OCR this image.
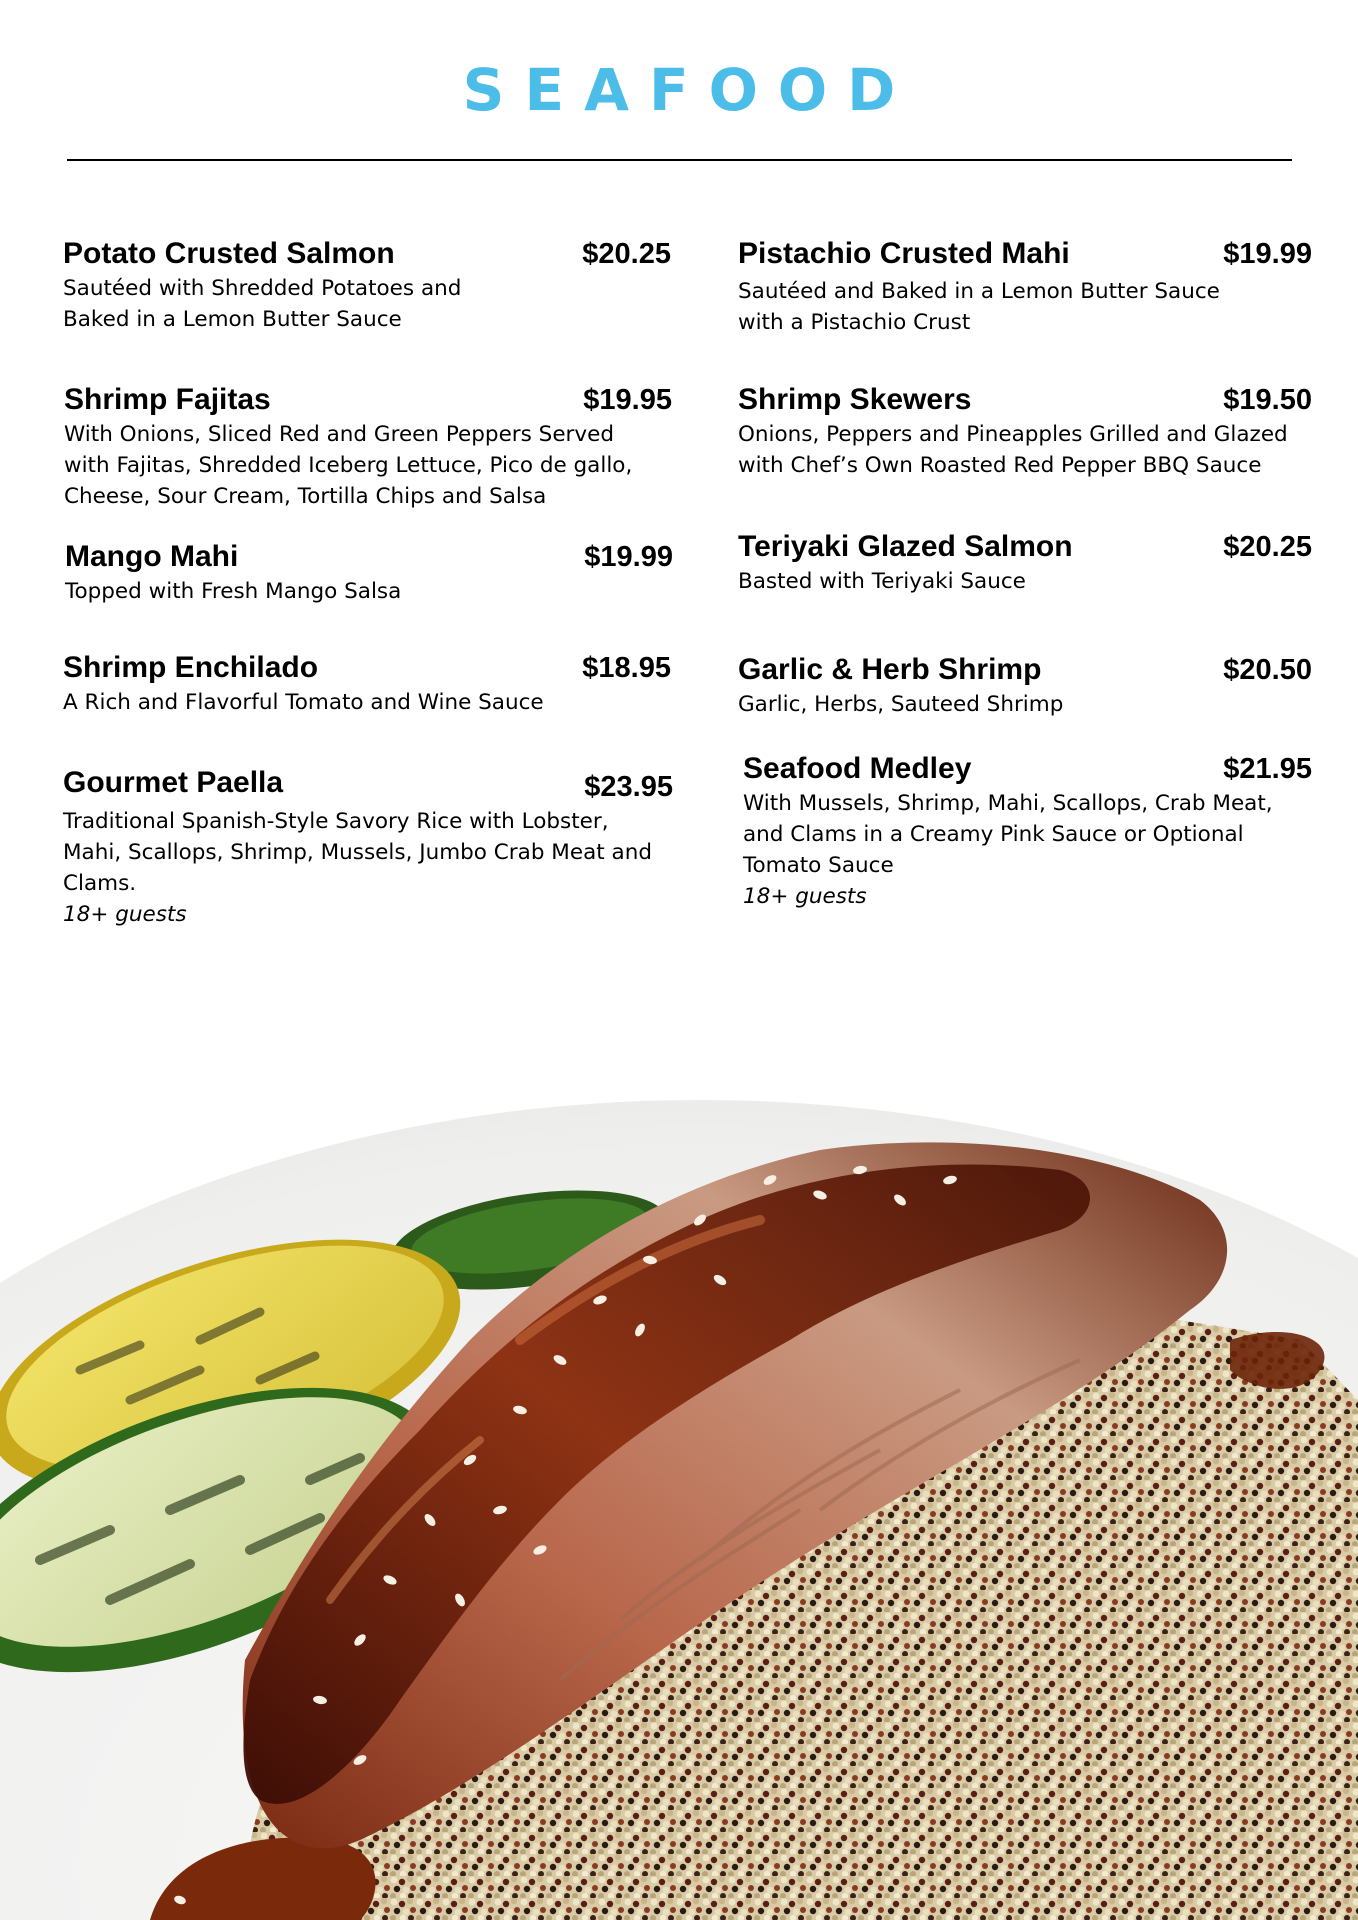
SEAFOOD
Potato Crusted Salmon	$20.25
Sautéed with Shredded Potatoes and
Baked in a Lemon Butter Sauce
Shrimp Fajitas	$19.95
With Onions, Sliced Red and Green Peppers Served with Fajitas, Shredded Iceberg Lettuce, Pico de gallo, Cheese, Sour Cream, Tortilla Chips and Salsa
Mango Mahi	$19.99
Topped with Fresh Mango Salsa
Shrimp Enchilado	$18.95
A Rich and Flavorful Tomato and Wine Sauce
Gourmet Paella	$23.95
Traditional Spanish-Style Savory Rice with Lobster, Mahi, Scallops, Shrimp, Mussels, Jumbo Crab Meat and Clams.
18+ guests
Pistachio Crusted Mahi	$19.99
Sautéed and Baked in a Lemon Butter Sauce with a Pistachio Crust
Shrimp Skewers	$19.50
Onions, Peppers and Pineapples Grilled and Glazed with Chef’s Own Roasted Red Pepper BBQ Sauce
Teriyaki Glazed Salmon	$20.25
Basted with Teriyaki Sauce
Garlic & Herb Shrimp	$20.50
Garlic, Herbs, Sauteed Shrimp
Seafood Medley	$21.95
With Mussels, Shrimp, Mahi, Scallops, Crab Meat, and Clams in a Creamy Pink Sauce or Optional Tomato Sauce
18+ guests
